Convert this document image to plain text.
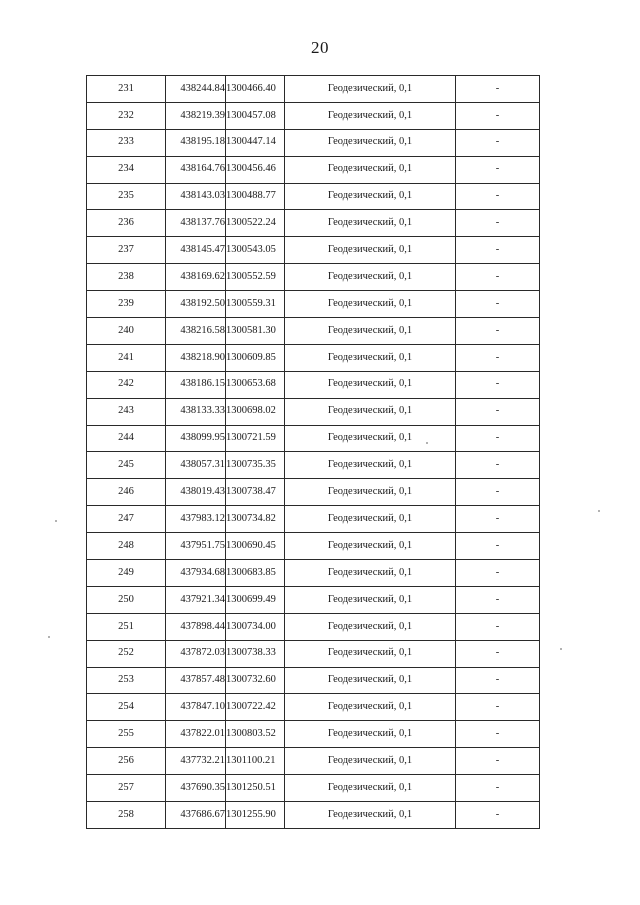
20
231	438244.84	1300466.40	Геодезический, 0,1	-
232	438219.39	1300457.08	Геодезический, 0,1	-
233	438195.18	1300447.14	Геодезический, 0,1	-
234	438164.76	1300456.46	Геодезический, 0,1	-
235	438143.03	1300488.77	Геодезический, 0,1	-
236	438137.76	1300522.24	Геодезический, 0,1	-
237	438145.47	1300543.05	Геодезический, 0,1	-
238	438169.62	1300552.59	Геодезический, 0,1	-
239	438192.50	1300559.31	Геодезический, 0,1	-
240	438216.58	1300581.30	Геодезический, 0,1	-
241	438218.90	1300609.85	Геодезический, 0,1	-
242	438186.15	1300653.68	Геодезический, 0,1	-
243	438133.33	1300698.02	Геодезический, 0,1	-
244	438099.95	1300721.59	Геодезический, 0,1	-
245	438057.31	1300735.35	Геодезический, 0,1	-
246	438019.43	1300738.47	Геодезический, 0,1	-
247	437983.12	1300734.82	Геодезический, 0,1	-
248	437951.75	1300690.45	Геодезический, 0,1	-
249	437934.68	1300683.85	Геодезический, 0,1	-
250	437921.34	1300699.49	Геодезический, 0,1	-
251	437898.44	1300734.00	Геодезический, 0,1	-
252	437872.03	1300738.33	Геодезический, 0,1	-
253	437857.48	1300732.60	Геодезический, 0,1	-
254	437847.10	1300722.42	Геодезический, 0,1	-
255	437822.01	1300803.52	Геодезический, 0,1	-
256	437732.21	1301100.21	Геодезический, 0,1	-
257	437690.35	1301250.51	Геодезический, 0,1	-
258	437686.67	1301255.90	Геодезический, 0,1	-
